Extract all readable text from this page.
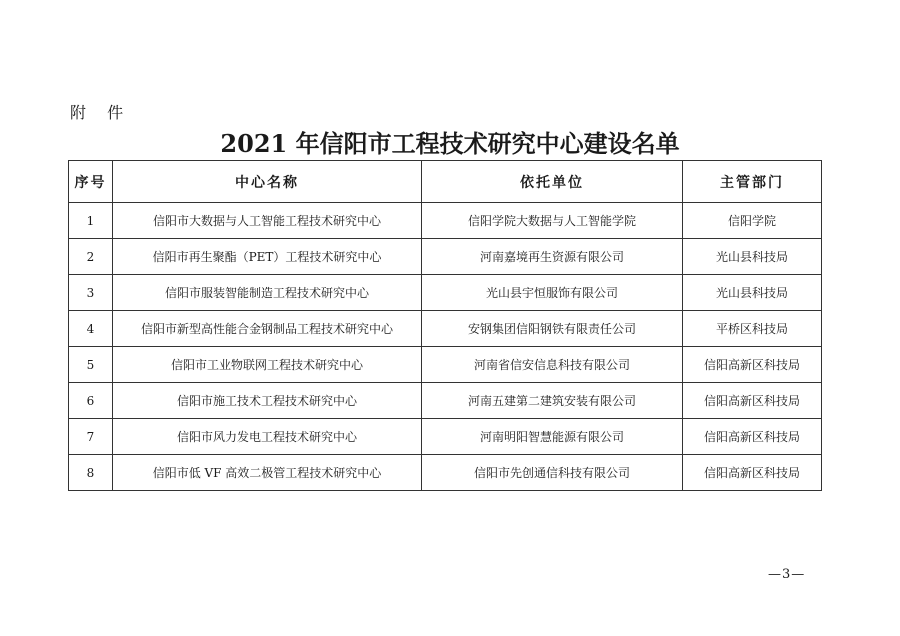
附 件
2021 年信阳市工程技术研究中心建设名单
序号	中心名称	依托单位	主管部门
1	信阳市大数据与人工智能工程技术研究中心	信阳学院大数据与人工智能学院	信阳学院
2	信阳市再生聚酯（PET）工程技术研究中心	河南嘉境再生资源有限公司	光山县科技局
3	信阳市服装智能制造工程技术研究中心	光山县宇恒服饰有限公司	光山县科技局
4	信阳市新型高性能合金钢制品工程技术研究中心	安钢集团信阳钢铁有限责任公司	平桥区科技局
5	信阳市工业物联网工程技术研究中心	河南省信安信息科技有限公司	信阳高新区科技局
6	信阳市施工技术工程技术研究中心	河南五建第二建筑安装有限公司	信阳高新区科技局
7	信阳市风力发电工程技术研究中心	河南明阳智慧能源有限公司	信阳高新区科技局
8	信阳市低 VF 高效二极管工程技术研究中心	信阳市先创通信科技有限公司	信阳高新区科技局
—3—
